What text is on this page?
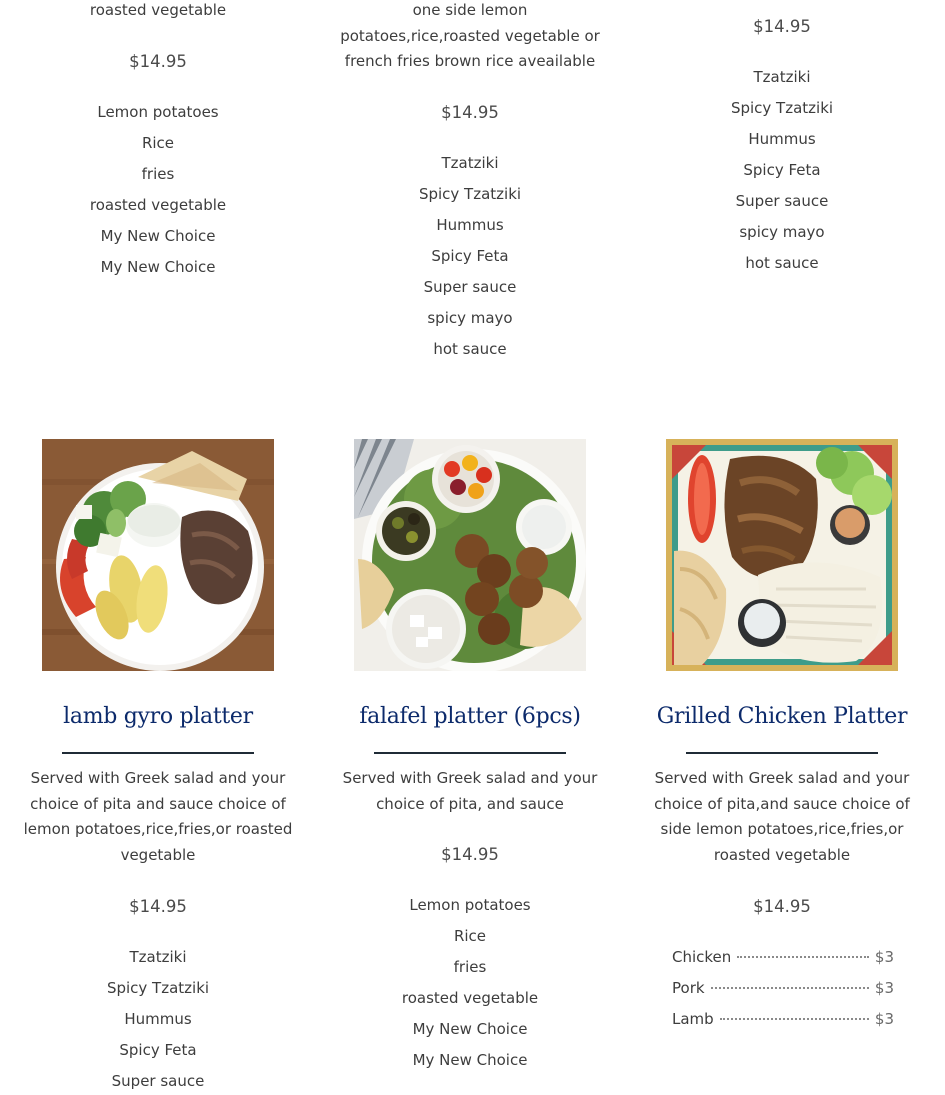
roasted vegetable
$14.95
Lemon potatoes
Rice
fries
roasted vegetable
My New Choice
My New Choice
lamb gyro platter
Served with Greek salad and your choice of pita and sauce choice of lemon potatoes,rice,fries,or roasted vegetable
$14.95
Tzatziki
Spicy Tzatziki
Hummus
Spicy Feta
Super sauce
one side lemon
potatoes,rice,roasted vegetable or
french fries brown rice aveailable
$14.95
Tzatziki
Spicy Tzatziki
Hummus
Spicy Feta
Super sauce
spicy mayo
hot sauce
falafel platter (6pcs)
Served with Greek salad and your choice of pita, and sauce
$14.95
Lemon potatoes
Rice
fries
roasted vegetable
My New Choice
My New Choice
$14.95
Tzatziki
Spicy Tzatziki
Hummus
Spicy Feta
Super sauce
spicy mayo
hot sauce
Grilled Chicken Platter
Served with Greek salad and your choice of pita,and sauce choice of side lemon potatoes,rice,fries,or roasted vegetable
$14.95
Chicken	$3
Pork	$3
Lamb	$3
